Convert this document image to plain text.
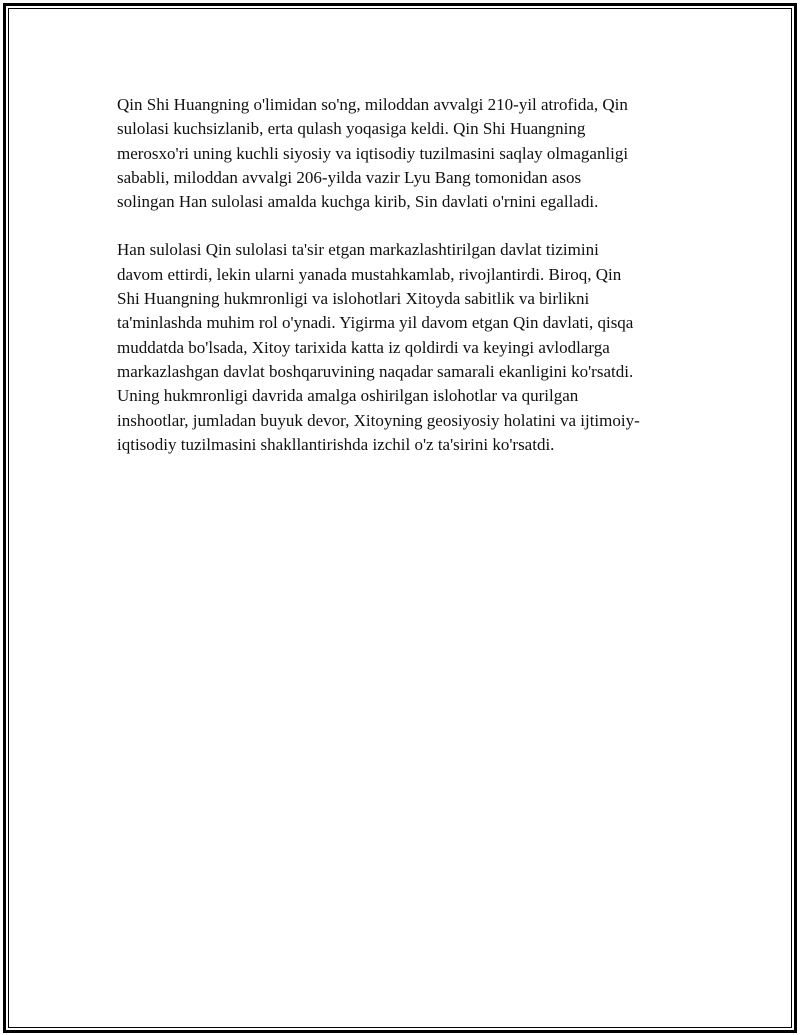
Qin Shi Huangning o'limidan so'ng, miloddan avvalgi 210-yil atrofida, Qin
sulolasi kuchsizlanib, erta qulash yoqasiga keldi. Qin Shi Huangning
merosxo'ri uning kuchli siyosiy va iqtisodiy tuzilmasini saqlay olmaganligi
sababli, miloddan avvalgi 206-yilda vazir Lyu Bang tomonidan asos
solingan Han sulolasi amalda kuchga kirib, Sin davlati o'rnini egalladi.

Han sulolasi Qin sulolasi ta'sir etgan markazlashtirilgan davlat tizimini
davom ettirdi, lekin ularni yanada mustahkamlab, rivojlantirdi. Biroq, Qin
Shi Huangning hukmronligi va islohotlari Xitoyda sabitlik va birlikni
ta'minlashda muhim rol o'ynadi. Yigirma yil davom etgan Qin davlati, qisqa
muddatda bo'lsada, Xitoy tarixida katta iz qoldirdi va keyingi avlodlarga
markazlashgan davlat boshqaruvining naqadar samarali ekanligini ko'rsatdi.
Uning hukmronligi davrida amalga oshirilgan islohotlar va qurilgan
inshootlar, jumladan buyuk devor, Xitoyning geosiyosiy holatini va ijtimoiy-
iqtisodiy tuzilmasini shakllantirishda izchil o'z ta'sirini ko'rsatdi.
